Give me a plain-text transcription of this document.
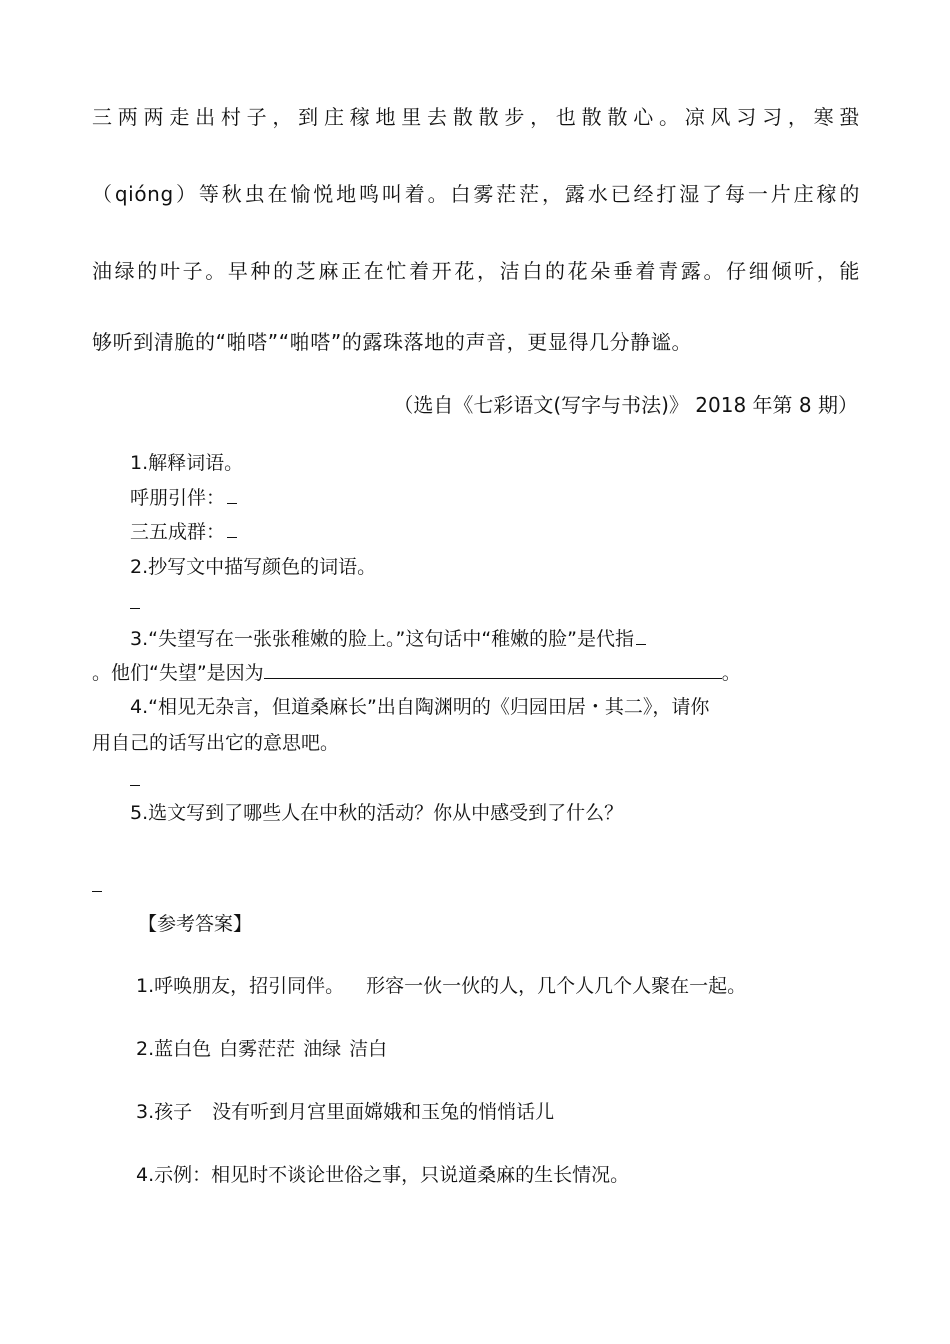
三两两走出村子，到庄稼地里去散散步，也散散心。凉风习习，寒蛩
（qióng）等秋虫在愉悦地鸣叫着。白雾茫茫，露水已经打湿了每一片庄稼的
油绿的叶子。早种的芝麻正在忙着开花，洁白的花朵垂着青露。仔细倾听，能
够听到清脆的“啪嗒”“啪嗒”的露珠落地的声音，更显得几分静谧。
（选自《七彩语文(写字与书法)》 2018 年第 8 期）
1.解释词语。
呼朋引伴：
三五成群：
2.抄写文中描写颜色的词语。
3.“失望写在一张张稚嫩的脸上。”这句话中“稚嫩的脸”是代指
。他们“失望”是因为	。
4.“相见无杂言，但道桑麻长”出自陶渊明的《归园田居・其二》，请你
用自己的话写出它的意思吧。
5.选文写到了哪些人在中秋的活动？你从中感受到了什么？
【参考答案】
1.呼唤朋友，招引同伴。 形容一伙一伙的人，几个人几个人聚在一起。
2.蓝白色 白雾茫茫 油绿 洁白
3.孩子 没有听到月宫里面嫦娥和玉兔的悄悄话儿
4.示例：相见时不谈论世俗之事，只说道桑麻的生长情况。
